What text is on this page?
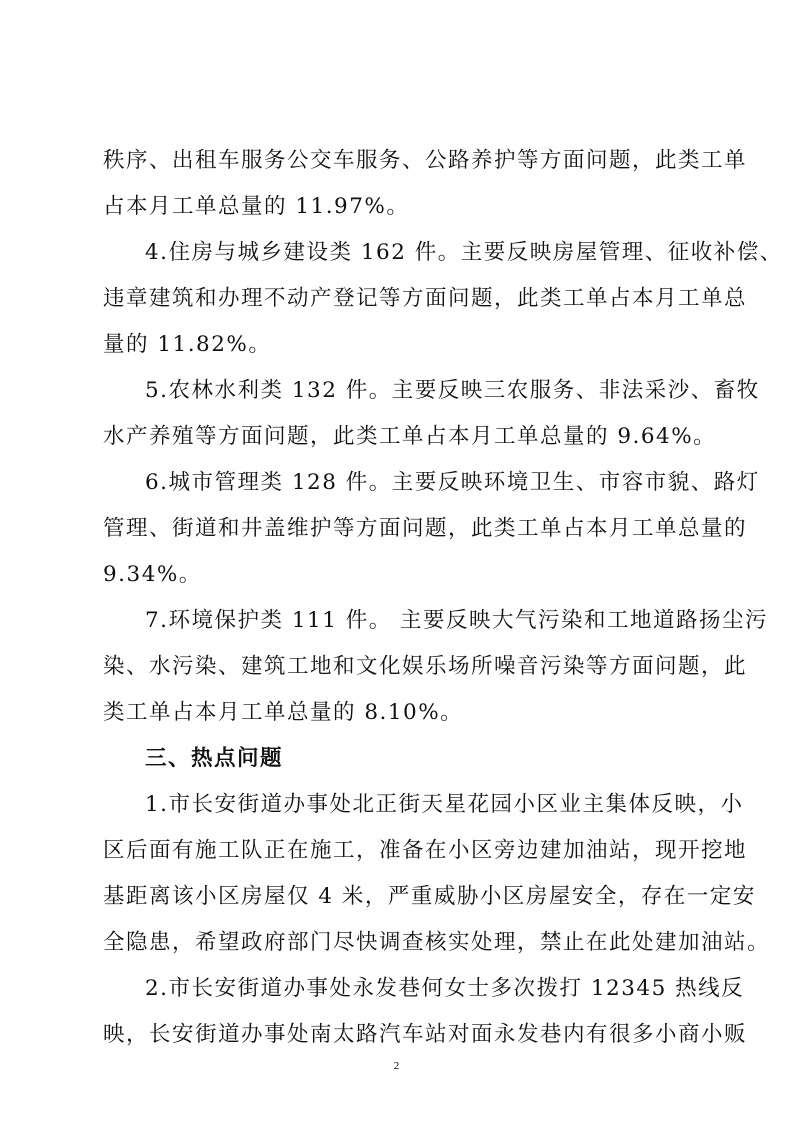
秩序、出租车服务公交车服务、公路养护等方面问题，此类工单
占本月工单总量的 11.97%。
4.住房与城乡建设类 162 件。主要反映房屋管理、征收补偿、
违章建筑和办理不动产登记等方面问题，此类工单占本月工单总
量的 11.82%。
5.农林水利类 132 件。主要反映三农服务、非法采沙、畜牧
水产养殖等方面问题，此类工单占本月工单总量的 9.64%。
6.城市管理类 128 件。主要反映环境卫生、市容市貌、路灯
管理、街道和井盖维护等方面问题，此类工单占本月工单总量的
9.34%。
7.环境保护类 111 件。 主要反映大气污染和工地道路扬尘污
染、水污染、建筑工地和文化娱乐场所噪音污染等方面问题，此
类工单占本月工单总量的 8.10%。
三、热点问题
1.市长安街道办事处北正街天星花园小区业主集体反映，小
区后面有施工队正在施工，准备在小区旁边建加油站，现开挖地
基距离该小区房屋仅 4 米，严重威胁小区房屋安全，存在一定安
全隐患，希望政府部门尽快调查核实处理，禁止在此处建加油站。
2.市长安街道办事处永发巷何女士多次拨打 12345 热线反
映，长安街道办事处南太路汽车站对面永发巷内有很多小商小贩
2
